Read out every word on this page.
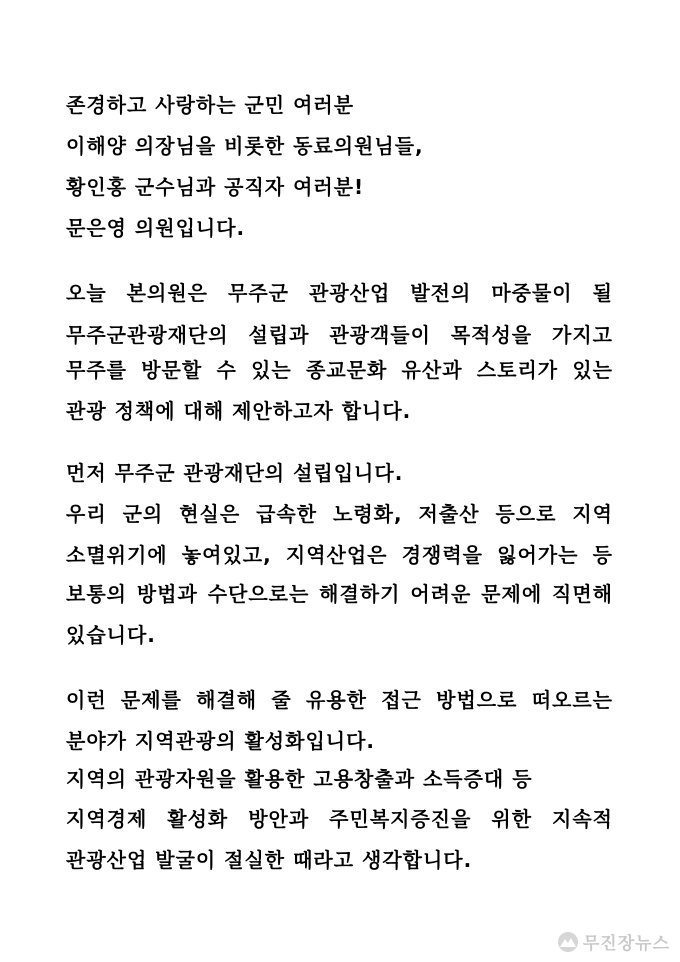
존경하고 사랑하는 군민 여러분
이해양 의장님을 비롯한 동료의원님들,
황인홍 군수님과 공직자 여러분!
문은영 의원입니다.
오늘 본의원은 무주군 관광산업 발전의 마중물이 될
무주군관광재단의 설립과 관광객들이 목적성을 가지고
무주를 방문할 수 있는 종교문화 유산과 스토리가 있는
관광 정책에 대해 제안하고자 합니다.
먼저 무주군 관광재단의 설립입니다.
우리 군의 현실은 급속한 노령화, 저출산 등으로 지역
소멸위기에 놓여있고, 지역산업은 경쟁력을 잃어가는 등
보통의 방법과 수단으로는 해결하기 어려운 문제에 직면해
있습니다.
이런 문제를 해결해 줄 유용한 접근 방법으로 떠오르는
분야가 지역관광의 활성화입니다.
지역의 관광자원을 활용한 고용창출과 소득증대 등
지역경제 활성화 방안과 주민복지증진을 위한 지속적
관광산업 발굴이 절실한 때라고 생각합니다.
무진장뉴스
